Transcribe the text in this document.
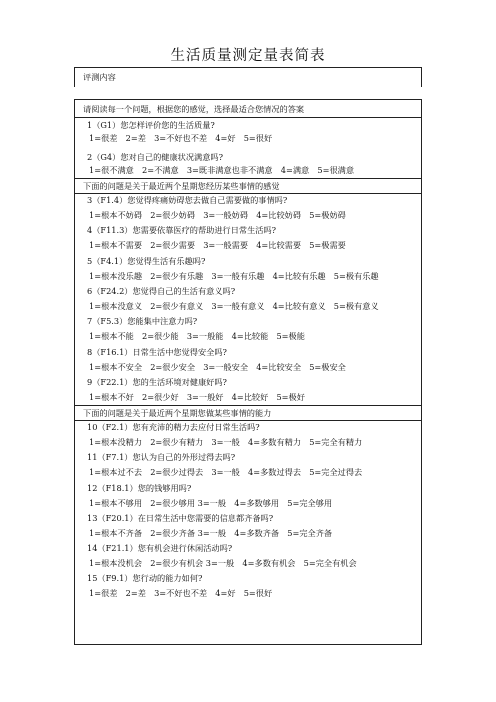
生活质量测定量表简表
评测内容
请阅读每一个问题，根据您的感觉，选择最适合您情况的答案
1（G1）您怎样评价您的生活质量?
1=很差　2=差　3=不好也不差　4=好　5=很好
2（G4）您对自己的健康状况满意吗?
1=很不满意　2=不满意　3=既非满意也非不满意　4=满意　5=很满意
下面的问题是关于最近两个星期您经历某些事情的感觉
3（F1.4）您觉得疼痛妨碍您去做自己需要做的事情吗?
1=根本不妨碍　2=很少妨碍　3=一般妨碍　4=比较妨碍　5=极妨碍
4（F11.3）您需要依靠医疗的帮助进行日常生活吗?
1=根本不需要　2=很少需要　3=一般需要　4=比较需要　5=极需要
5（F4.1）您觉得生活有乐趣吗?
1=根本没乐趣　2=很少有乐趣　3=一般有乐趣　4=比较有乐趣　5=极有乐趣
6（F24.2）您觉得自己的生活有意义吗?
1=根本没意义　2=很少有意义　3=一般有意义　4=比较有意义　5=极有意义
7（F5.3）您能集中注意力吗?
1=根本不能　2=很少能　3=一般能　4=比较能　5=极能
8（F16.1）日常生活中您觉得安全吗?
1=根本不安全　2=很少安全　3=一般安全　4=比较安全　5=极安全
9（F22.1）您的生活环境对健康好吗?
1=根本不好　2=很少好　3=一般好　4=比较好　5=极好
下面的问题是关于最近两个星期您做某些事情的能力
10（F2.1）您有充沛的精力去应付日常生活吗?
1=根本没精力　2=很少有精力　3=一般　4=多数有精力　5=完全有精力
11（F7.1）您认为自己的外形过得去吗?
1=根本过不去　2=很少过得去　3=一般　4=多数过得去　5=完全过得去
12（F18.1）您的钱够用吗?
1=根本不够用　2=很少够用 3=一般　4=多数够用　5=完全够用
13（F20.1）在日常生活中您需要的信息都齐备吗?
1=根本不齐备　2=很少齐备 3=一般　4=多数齐备　5=完全齐备
14（F21.1）您有机会进行休闲活动吗?
1=根本没机会　2=很少有机会 3=一般　4=多数有机会　5=完全有机会
15（F9.1）您行动的能力如何?
1=很差　2=差　3=不好也不差　4=好　5=很好
